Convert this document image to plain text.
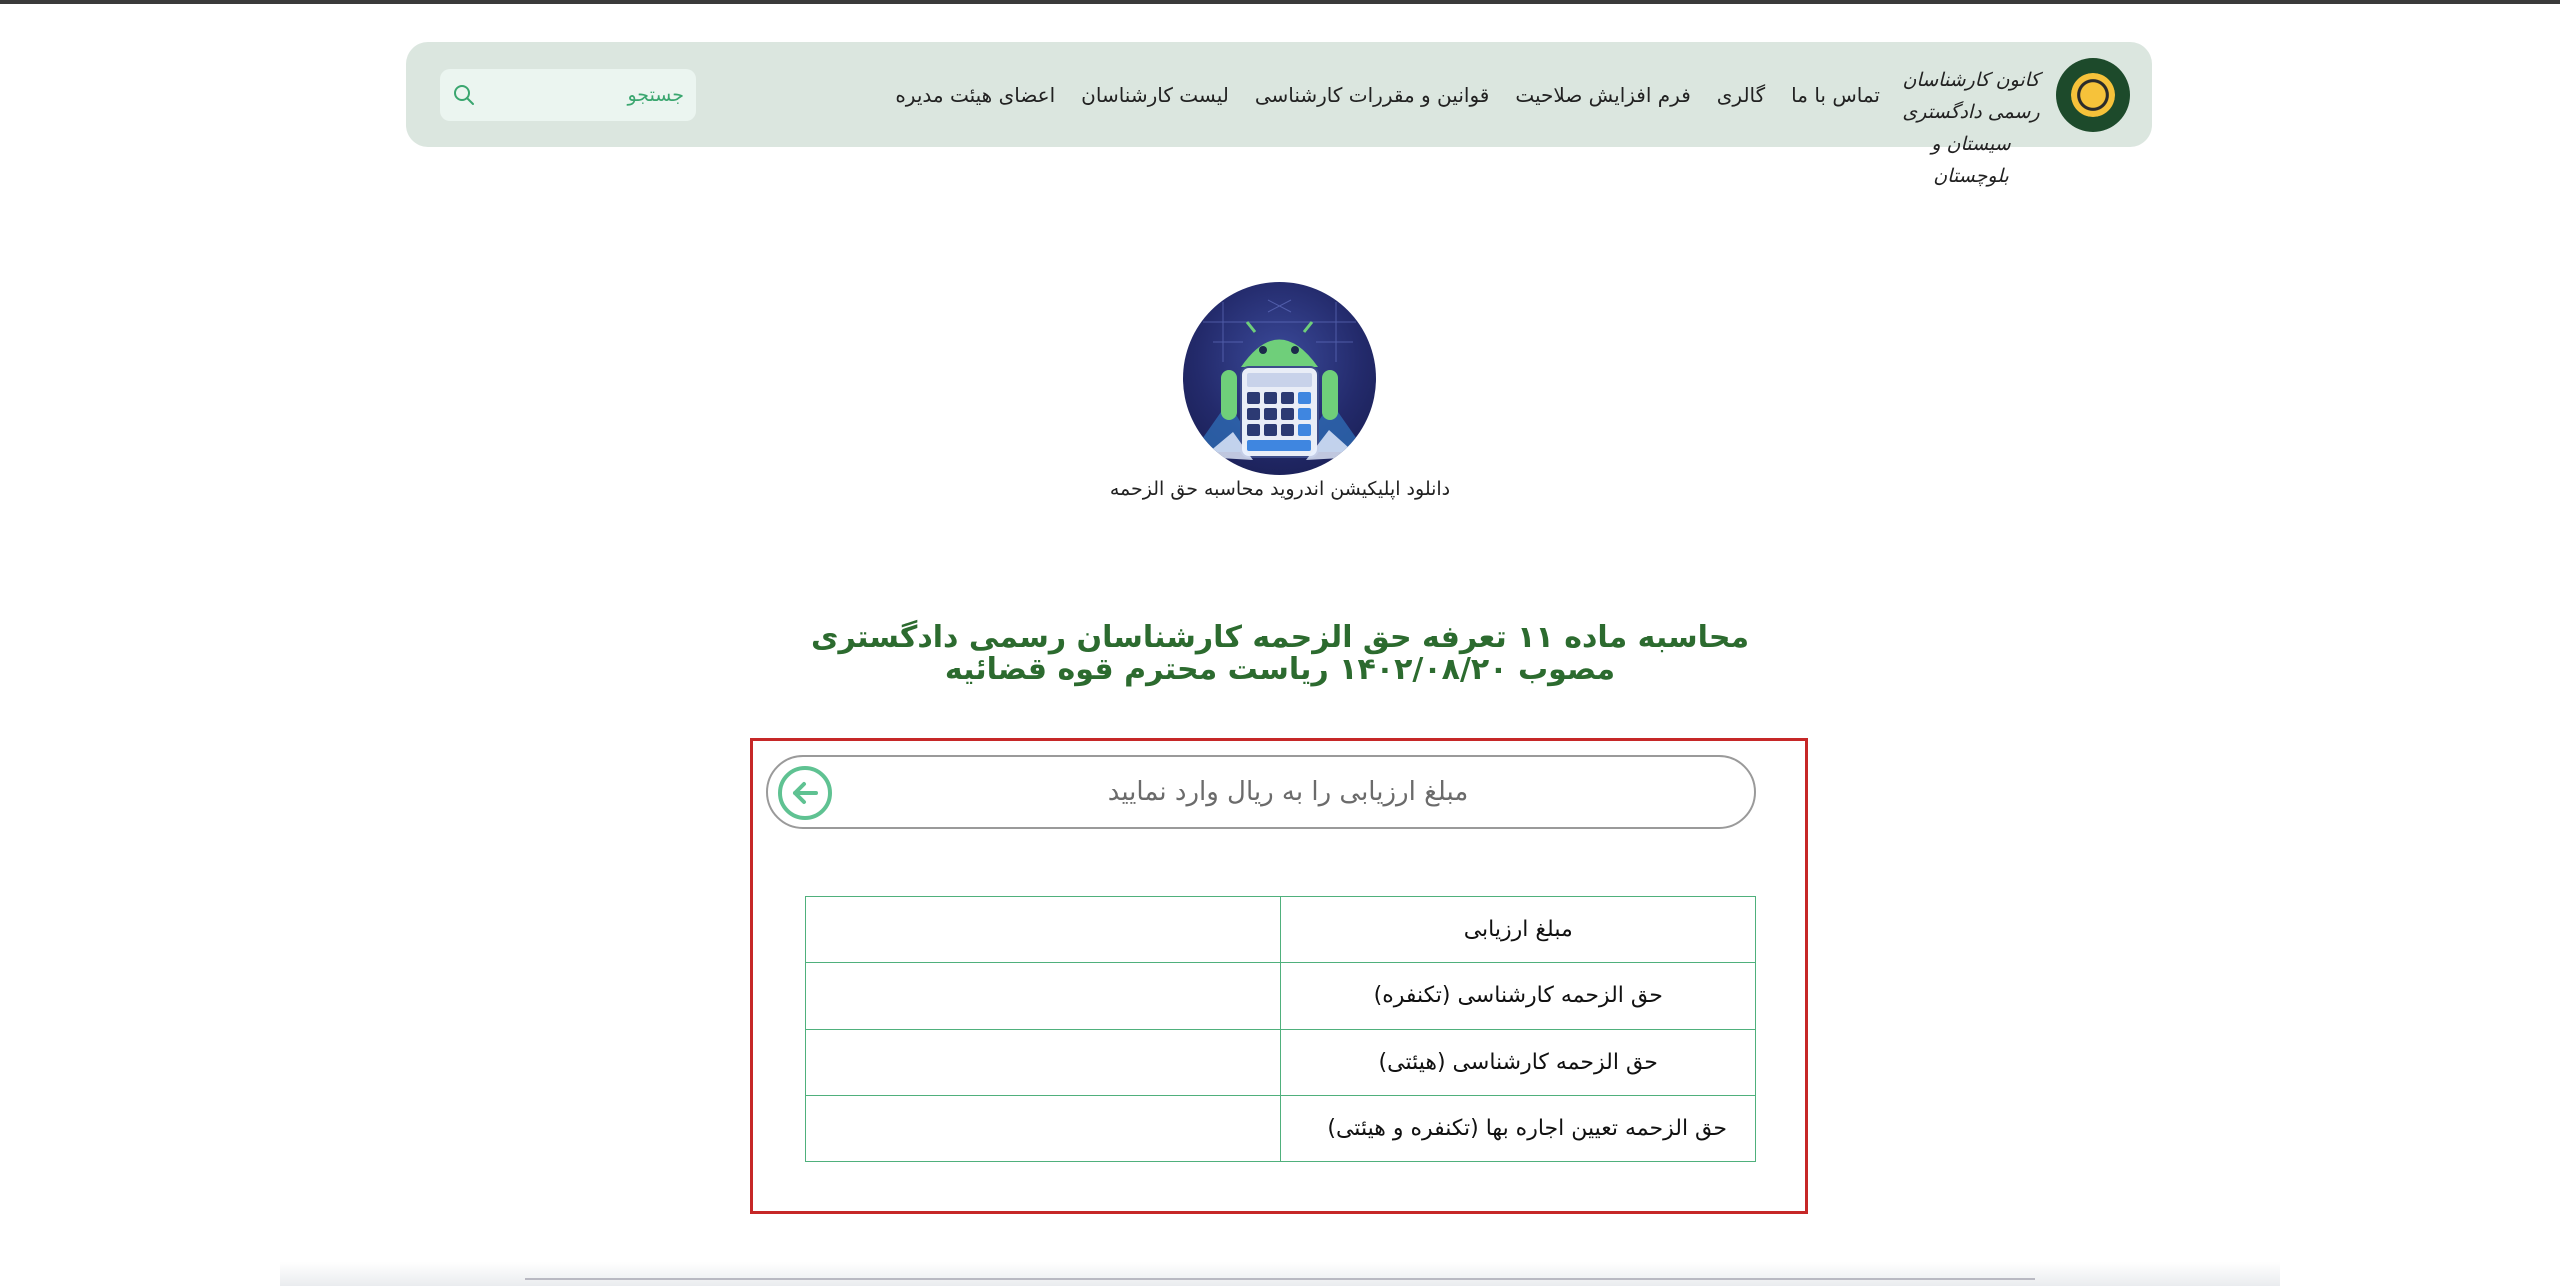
کانون کارشناسان رسمی دادگستری
سیستان و بلوچستان
اعضای هیئت مدیره لیست کارشناسان قوانین و مقررات کارشناسی فرم افزایش صلاحیت گالری تماس با ما
جستجو
دانلود اپلیکیشن اندروید محاسبه حق الزحمه
محاسبه ماده ۱۱ تعرفه حق الزحمه کارشناسان رسمی دادگستری
مصوب ۱۴۰۲/۰۸/۲۰ ریاست محترم قوه قضائیه
مبلغ ارزیابی را به ریال وارد نمایید
مبلغ ارزیابی	
حق الزحمه کارشناسی (تکنفره)	
حق الزحمه کارشناسی (هیئتی)	
حق الزحمه تعیین اجاره بها (تکنفره و هیئتی)	
